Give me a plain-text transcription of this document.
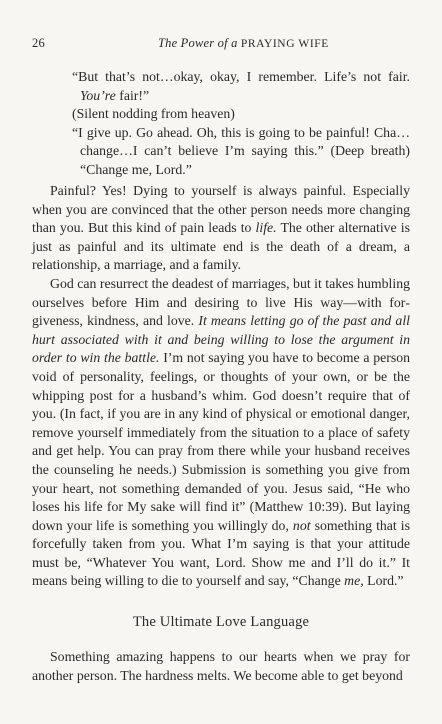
26	The Power of a PRAYING WIFE

“But that’s not…okay, okay, I remember. Life’s not fair. You’re fair!”

(Silent nodding from heaven)

“I give up. Go ahead. Oh, this is going to be painful! Cha…change…I can’t believe I’m saying this.” (Deep breath) “Change me, Lord.”

Painful? Yes! Dying to yourself is always painful. Especially when you are convinced that the other person needs more changing than you. But this kind of pain leads to life. The other alternative is just as painful and its ultimate end is the death of a dream, a relationship, a marriage, and a family.

God can resurrect the deadest of marriages, but it takes humbling ourselves before Him and desiring to live His way—with forgiveness, kindness, and love. It means letting go of the past and all hurt associated with it and being willing to lose the argument in order to win the battle. I’m not saying you have to become a person void of personality, feelings, or thoughts of your own, or be the whipping post for a husband’s whim. God doesn’t require that of you. (In fact, if you are in any kind of physical or emotional danger, remove yourself immediately from the situation to a place of safety and get help. You can pray from there while your husband receives the counseling he needs.) Submission is something you give from your heart, not something demanded of you. Jesus said, “He who loses his life for My sake will find it” (Matthew 10:39). But laying down your life is something you willingly do, not something that is forcefully taken from you. What I’m saying is that your attitude must be, “Whatever You want, Lord. Show me and I’ll do it.” It means being willing to die to yourself and say, “Change me, Lord.”

The Ultimate Love Language

Something amazing happens to our hearts when we pray for another person. The hardness melts. We become able to get beyond
